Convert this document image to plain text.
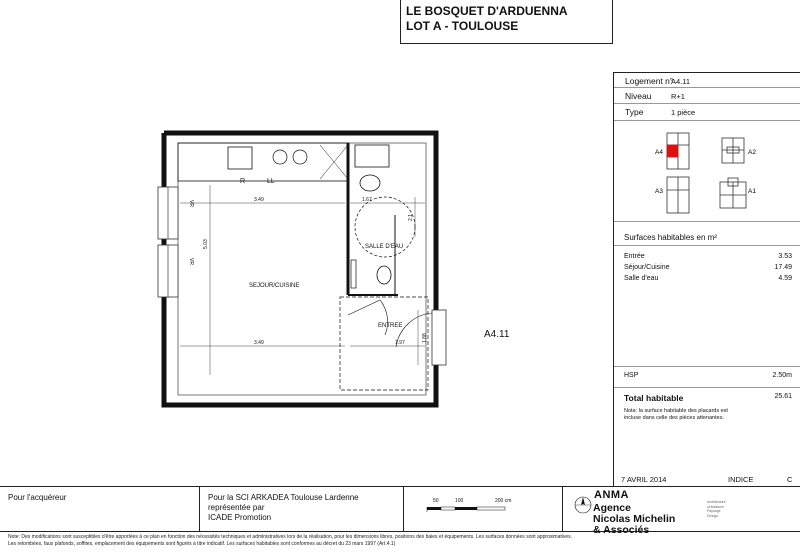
LE BOSQUET D'ARDUENNA
LOT A - TOULOUSE
Logement n°
A4.11
Niveau	R+1
Type	1 pièce
Surfaces habitables en m²
Entrée	3.53
Séjour/Cuisine	17.49
Salle d'eau	4.59
HSP	2.50m
Total habitable	25.61
Nota: la surface habitable des placards est incluse dans celle des pièces attenantes.
A4	A2
A3	A1
R	LL
VR
VR
3.49	1.67
5.03
3.49	1.97	1.88
2.1
SEJOUR/CUISINE
SALLE D'EAU
ENTREE
A4.11
7 AVRIL 2014	INDICE	C
Pour l'acquéreur	Pour la SCI ARKADEA Toulouse Lardenne
représentée par
ICADE Promotion
50	100	200 cm	ANMA
Agence
Nicolas Michelin
& Associés
Architecture
Urbanisme
Paysage
Design
Note: Des modifications sont susceptibles d'être apportées à ce plan en fonction des nécessités techniques et administratives lors de la réalisation, pour les dimensions libres, positions des baies et équipements. Les surfaces données sont approximatives.
Les retombées, faux plafonds, soffites, emplacement des équipements sont figurés à titre indicatif. Les surfaces habitables sont conformes au décret du 23 mars 1997 (Art.4.1)
